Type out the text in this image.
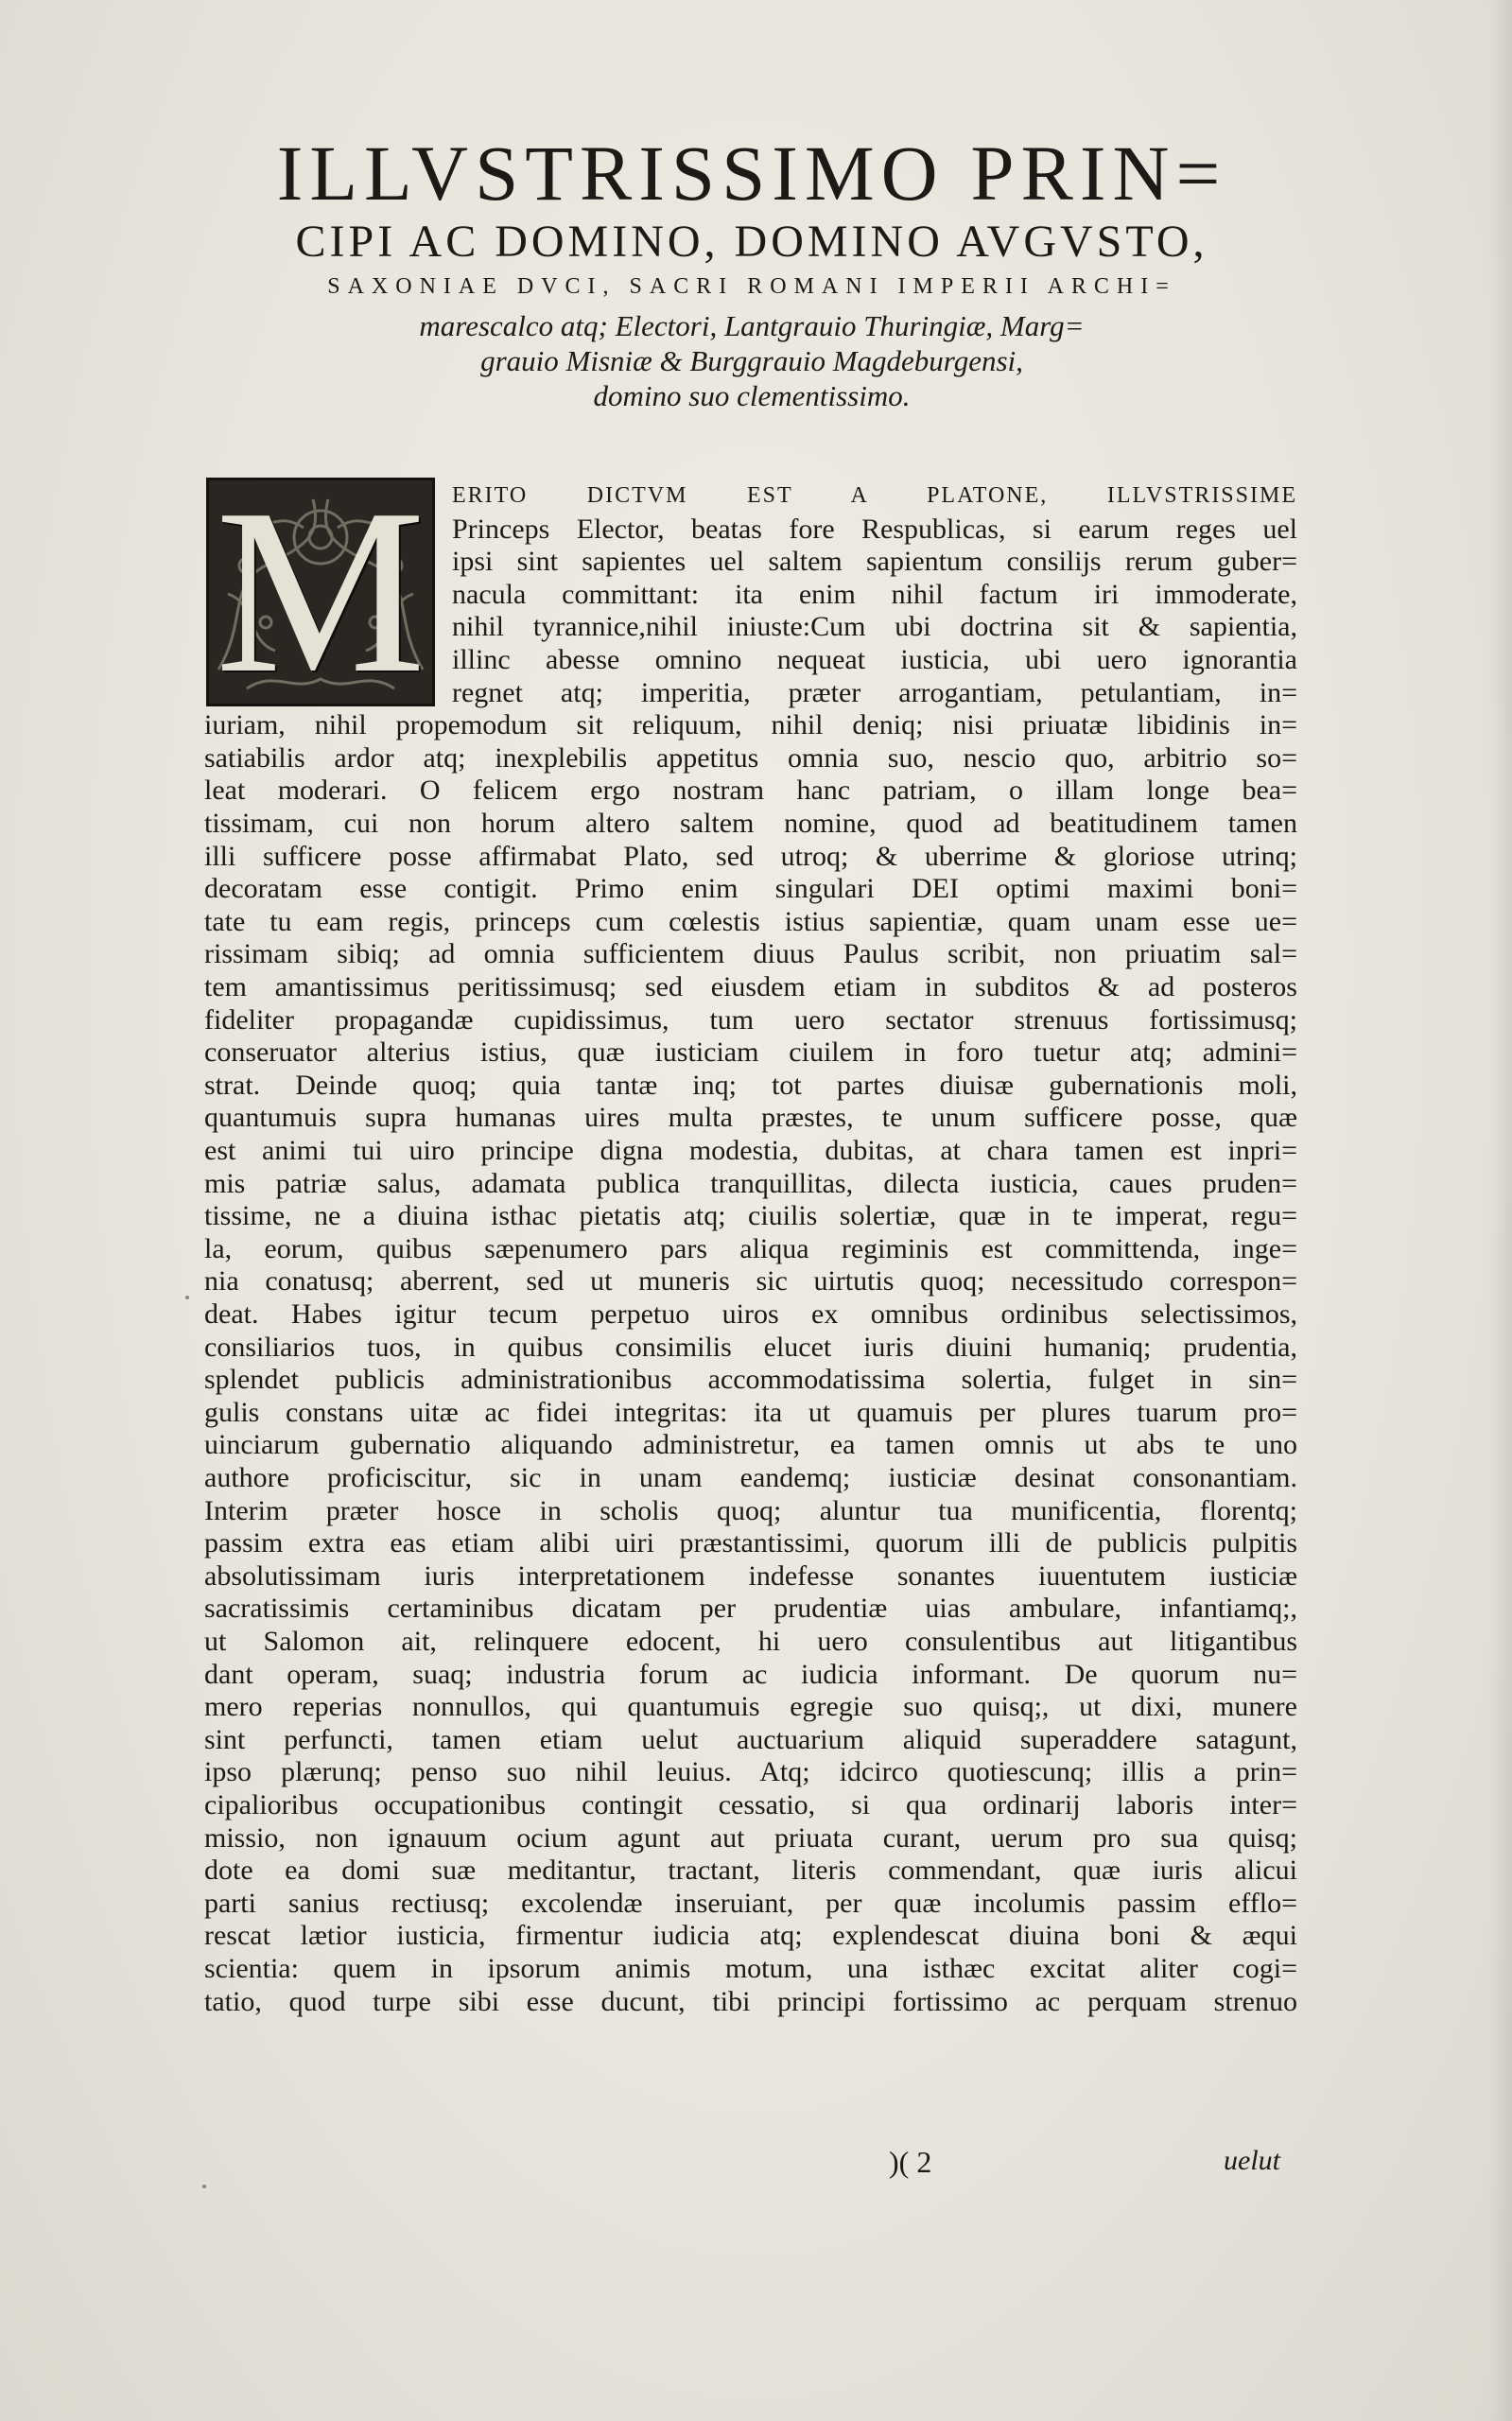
ILLVSTRISSIMO PRIN=
CIPI AC DOMINO, DOMINO AVGVSTO,
SAXONIAE DVCI, SACRI ROMANI IMPERII ARCHI=
marescalco atq; Electori, Lantgrauio Thuringiæ, Marg=
grauio Misniæ & Burggrauio Magdeburgensi,
domino suo clementissimo.
M ERITO DICTVM EST A PLATONE, ILLVSTRISSIME
Princeps Elector, beatas fore Respublicas, si earum reges uel
ipsi sint sapientes uel saltem sapientum consilijs rerum guber=
nacula committant: ita enim nihil factum iri immoderate,
nihil tyrannice,nihil iniuste:Cum ubi doctrina sit & sapientia,
illinc abesse omnino nequeat iusticia, ubi uero ignorantia
regnet atq; imperitia, præter arrogantiam, petulantiam, in=
iuriam, nihil propemodum sit reliquum, nihil deniq; nisi priuatæ libidinis in=
satiabilis ardor atq; inexplebilis appetitus omnia suo, nescio quo, arbitrio so=
leat moderari. O felicem ergo nostram hanc patriam, o illam longe bea=
tissimam, cui non horum altero saltem nomine, quod ad beatitudinem tamen
illi sufficere posse affirmabat Plato, sed utroq; & uberrime & gloriose utrinq;
decoratam esse contigit. Primo enim singulari DEI optimi maximi boni=
tate tu eam regis, princeps cum cœlestis istius sapientiæ, quam unam esse ue=
rissimam sibiq; ad omnia sufficientem diuus Paulus scribit, non priuatim sal=
tem amantissimus peritissimusq; sed eiusdem etiam in subditos & ad posteros
fideliter propagandæ cupidissimus, tum uero sectator strenuus fortissimusq;
conseruator alterius istius, quæ iusticiam ciuilem in foro tuetur atq; admini=
strat. Deinde quoq; quia tantæ inq; tot partes diuisæ gubernationis moli,
quantumuis supra humanas uires multa præstes, te unum sufficere posse, quæ
est animi tui uiro principe digna modestia, dubitas, at chara tamen est inpri=
mis patriæ salus, adamata publica tranquillitas, dilecta iusticia, caues pruden=
tissime, ne a diuina isthac pietatis atq; ciuilis solertiæ, quæ in te imperat, regu=
la, eorum, quibus sæpenumero pars aliqua regiminis est committenda, inge=
nia conatusq; aberrent, sed ut muneris sic uirtutis quoq; necessitudo correspon=
deat. Habes igitur tecum perpetuo uiros ex omnibus ordinibus selectissimos,
consiliarios tuos, in quibus consimilis elucet iuris diuini humaniq; prudentia,
splendet publicis administrationibus accommodatissima solertia, fulget in sin=
gulis constans uitæ ac fidei integritas: ita ut quamuis per plures tuarum pro=
uinciarum gubernatio aliquando administretur, ea tamen omnis ut abs te uno
authore proficiscitur, sic in unam eandemq; iusticiæ desinat consonantiam.
Interim præter hosce in scholis quoq; aluntur tua munificentia, florentq;
passim extra eas etiam alibi uiri præstantissimi, quorum illi de publicis pulpitis
absolutissimam iuris interpretationem indefesse sonantes iuuentutem iusticiæ
sacratissimis certaminibus dicatam per prudentiæ uias ambulare, infantiamq;,
ut Salomon ait, relinquere edocent, hi uero consulentibus aut litigantibus
dant operam, suaq; industria forum ac iudicia informant. De quorum nu=
mero reperias nonnullos, qui quantumuis egregie suo quisq;, ut dixi, munere
sint perfuncti, tamen etiam uelut auctuarium aliquid superaddere satagunt,
ipso plærunq; penso suo nihil leuius. Atq; idcirco quotiescunq; illis a prin=
cipalioribus occupationibus contingit cessatio, si qua ordinarij laboris inter=
missio, non ignauum ocium agunt aut priuata curant, uerum pro sua quisq;
dote ea domi suæ meditantur, tractant, literis commendant, quæ iuris alicui
parti sanius rectiusq; excolendæ inseruiant, per quæ incolumis passim efflo=
rescat lætior iusticia, firmentur iudicia atq; explendescat diuina boni & æqui
scientia: quem in ipsorum animis motum, una isthæc excitat aliter cogi=
tatio, quod turpe sibi esse ducunt, tibi principi fortissimo ac perquam strenuo
)( 2	uelut
